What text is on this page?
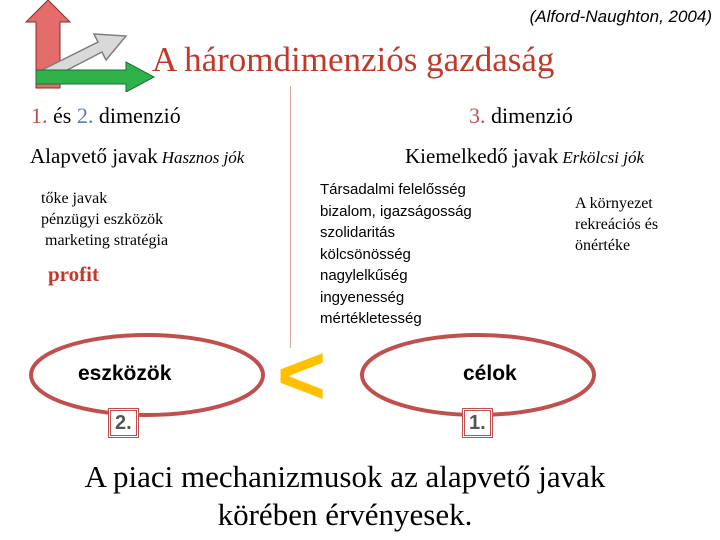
(Alford-Naughton, 2004)
A háromdimenziós gazdaság
1. és 2. dimenzió	3. dimenzió
Alapvető javak Hasznos jók	Kiemelkedő javak Erkölcsi jók
tőke javak
pénzügyi eszközök
marketing stratégia
profit
Társadalmi felelősség
bizalom, igazságosság
szolidaritás
kölcsönösség
nagylelkűség
ingyenesség
mértékletesség
A környezet
rekreációs és
önértéke
eszközök	célok
<
2.	1.
A piaci mechanizmusok az alapvető javak
körében érvényesek.
